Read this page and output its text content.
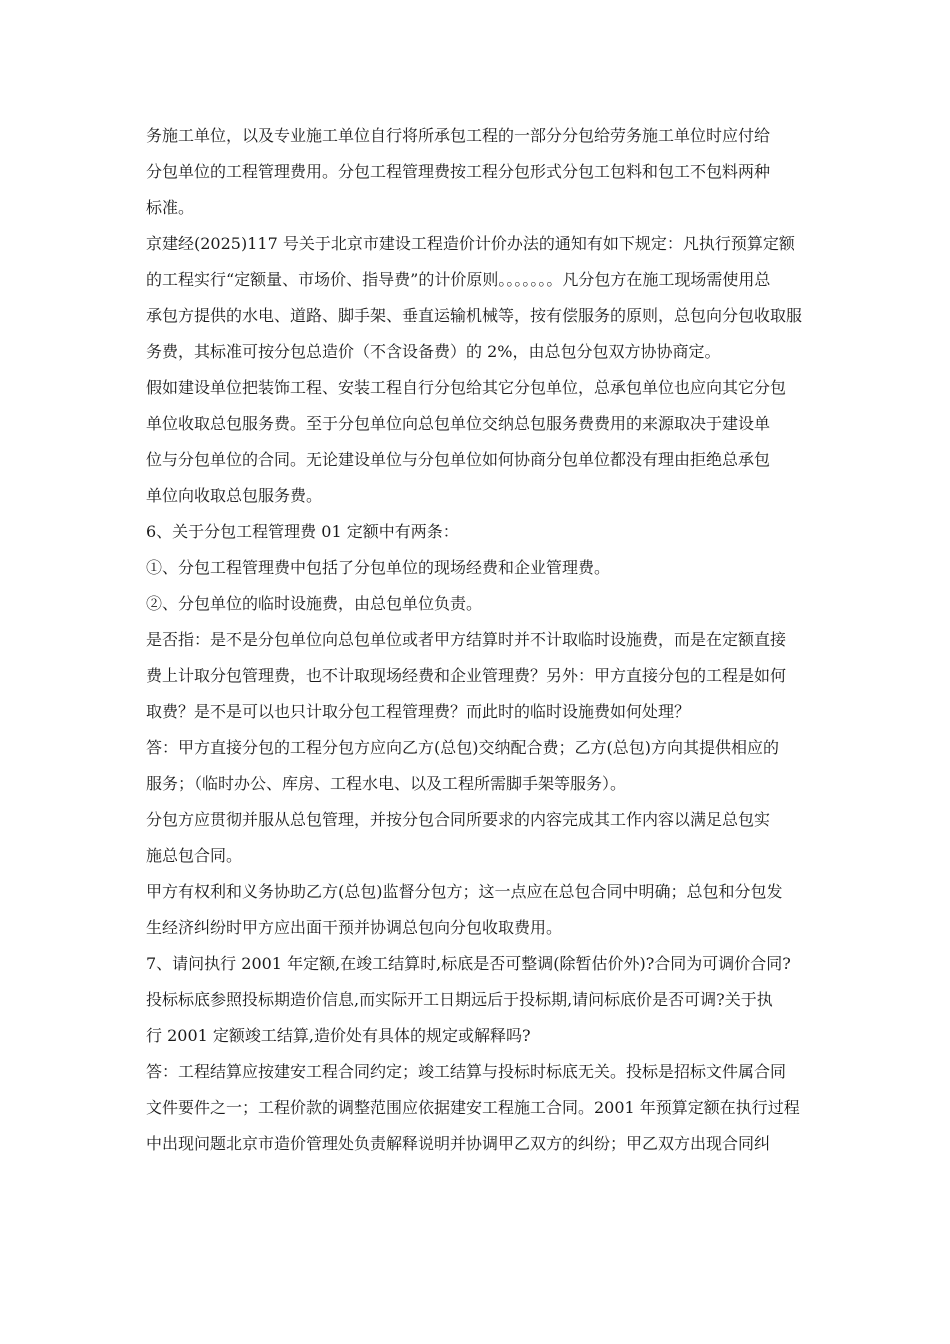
务施工单位，以及专业施工单位自行将所承包工程的一部分分包给劳务施工单位时应付给
分包单位的工程管理费用。分包工程管理费按工程分包形式分包工包料和包工不包料两种
标准。
京建经(2025)117 号关于北京市建设工程造价计价办法的通知有如下规定：凡执行预算定额
的工程实行“定额量、市场价、指导费”的计价原则。。。。。。。凡分包方在施工现场需使用总
承包方提供的水电、道路、脚手架、垂直运输机械等，按有偿服务的原则，总包向分包收取服
务费，其标准可按分包总造价（不含设备费）的 2%，由总包分包双方协协商定。
假如建设单位把装饰工程、安装工程自行分包给其它分包单位，总承包单位也应向其它分包
单位收取总包服务费。至于分包单位向总包单位交纳总包服务费费用的来源取决于建设单
位与分包单位的合同。无论建设单位与分包单位如何协商分包单位都没有理由拒绝总承包
单位向收取总包服务费。
6、关于分包工程管理费 01 定额中有两条：
①、分包工程管理费中包括了分包单位的现场经费和企业管理费。
②、分包单位的临时设施费，由总包单位负责。
是否指：是不是分包单位向总包单位或者甲方结算时并不计取临时设施费，而是在定额直接
费上计取分包管理费，也不计取现场经费和企业管理费？另外：甲方直接分包的工程是如何
取费？是不是可以也只计取分包工程管理费？而此时的临时设施费如何处理？
答：甲方直接分包的工程分包方应向乙方(总包)交纳配合费；乙方(总包)方向其提供相应的
服务；（临时办公、库房、工程水电、以及工程所需脚手架等服务）。
分包方应贯彻并服从总包管理，并按分包合同所要求的内容完成其工作内容以满足总包实
施总包合同。
甲方有权利和义务协助乙方(总包)监督分包方；这一点应在总包合同中明确；总包和分包发
生经济纠纷时甲方应出面干预并协调总包向分包收取费用。
7、请问执行 2001 年定额,在竣工结算时,标底是否可整调(除暂估价外)?合同为可调价合同?
投标标底参照投标期造价信息,而实际开工日期远后于投标期,请问标底价是否可调?关于执
行 2001 定额竣工结算,造价处有具体的规定或解释吗?
答：工程结算应按建安工程合同约定；竣工结算与投标时标底无关。投标是招标文件属合同
文件要件之一；工程价款的调整范围应依据建安工程施工合同。2001 年预算定额在执行过程
中出现问题北京市造价管理处负责解释说明并协调甲乙双方的纠纷；甲乙双方出现合同纠
